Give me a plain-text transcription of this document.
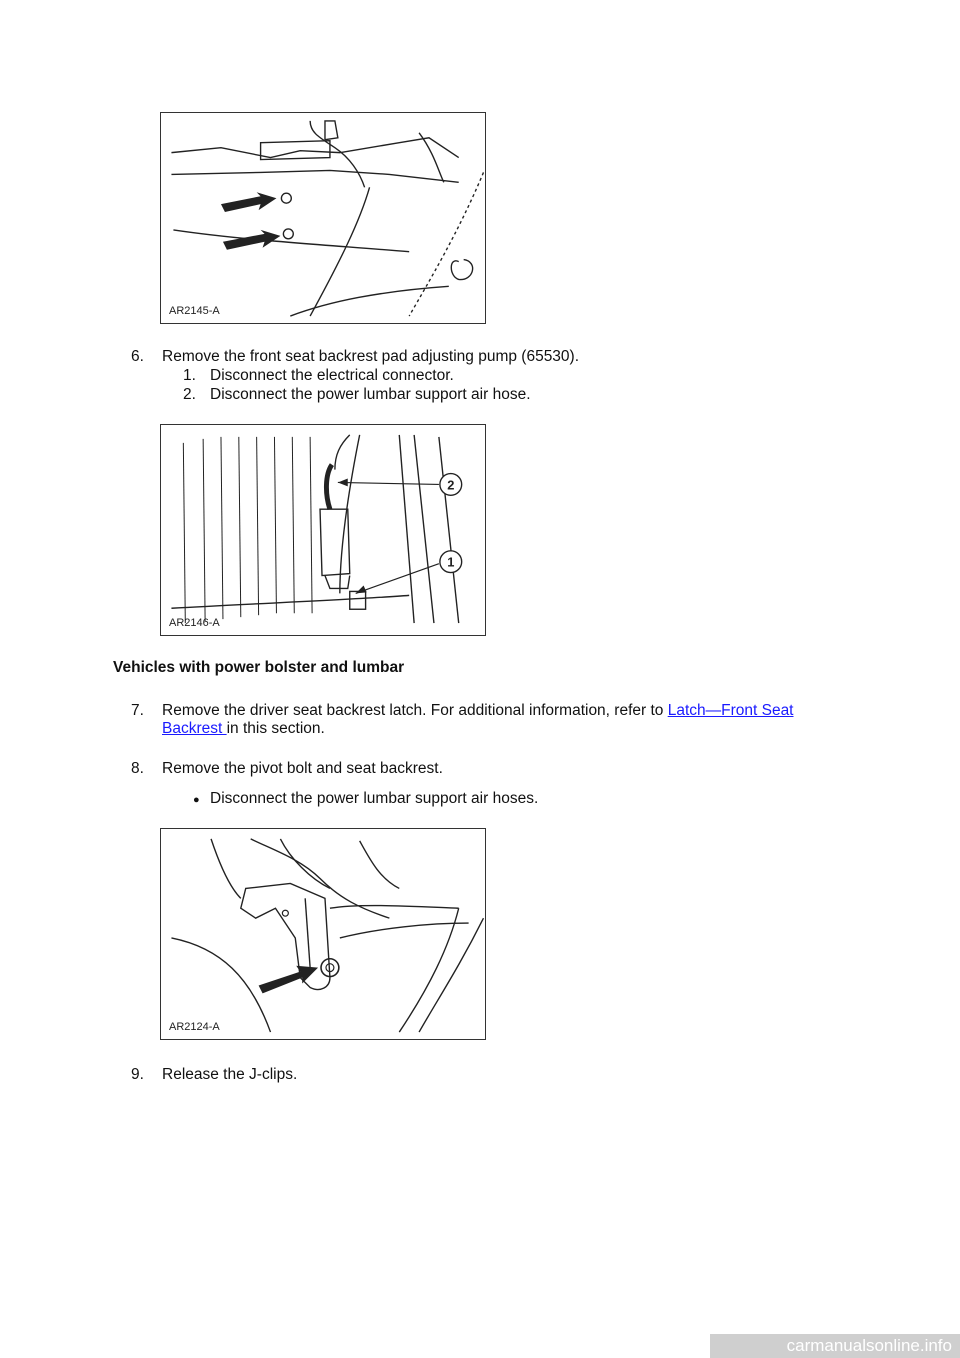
AR2145-A
6. Remove the front seat backrest pad adjusting pump (65530).
1. Disconnect the electrical connector.
2. Disconnect the power lumbar support air hose.
2
1
AR2146-A
Vehicles with power bolster and lumbar
7. Remove the driver seat backrest latch. For additional information, refer to Latch—Front Seat
Backrest in this section.
8. Remove the pivot bolt and seat backrest.
● Disconnect the power lumbar support air hoses.
AR2124-A
9. Release the J-clips.
carmanualsonline.info
